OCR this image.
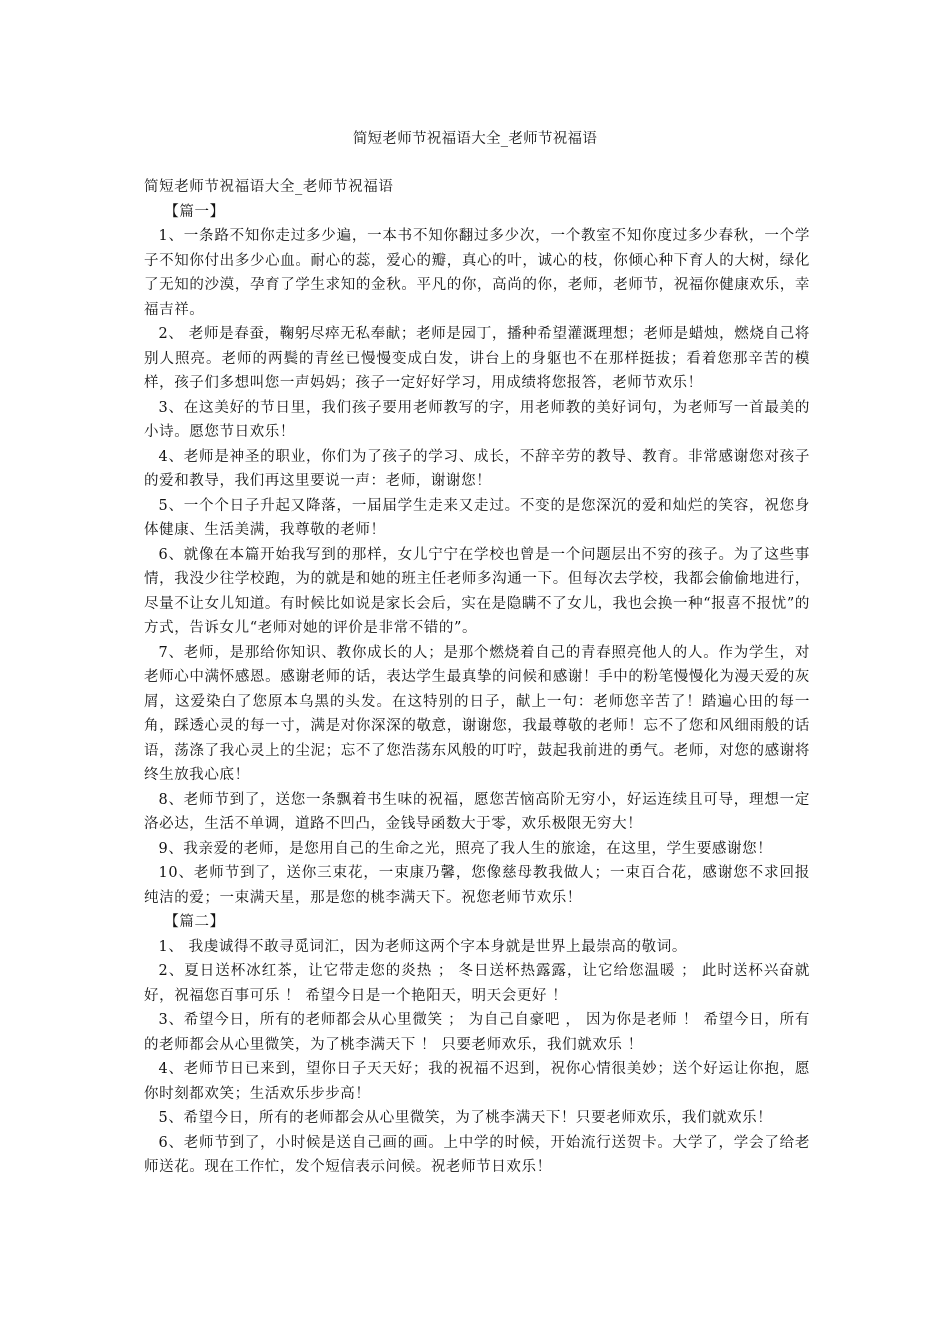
简短老师节祝福语大全_老师节祝福语

简短老师节祝福语大全_老师节祝福语

【篇一】

1、一条路不知你走过多少遍，一本书不知你翻过多少次，一个教室不知你度过多少春秋，一个学子不知你付出多少心血。耐心的蕊，爱心的瓣，真心的叶，诚心的枝，你倾心种下育人的大树，绿化了无知的沙漠，孕育了学生求知的金秋。平凡的你，高尚的你，老师，老师节，祝福你健康欢乐，幸福吉祥。

2、 老师是春蚕，鞠躬尽瘁无私奉献；老师是园丁，播种希望灌溉理想；老师是蜡烛，燃烧自己将别人照亮。老师的两鬓的青丝已慢慢变成白发，讲台上的身躯也不在那样挺拔；看着您那辛苦的模样，孩子们多想叫您一声妈妈；孩子一定好好学习，用成绩将您报答，老师节欢乐！

3、在这美好的节日里，我们孩子要用老师教写的字，用老师教的美好词句，为老师写一首最美的小诗。愿您节日欢乐！

4、老师是神圣的职业，你们为了孩子的学习、成长，不辞辛劳的教导、教育。非常感谢您对孩子的爱和教导，我们再这里要说一声：老师，谢谢您！

5、一个个日子升起又降落，一届届学生走来又走过。不变的是您深沉的爱和灿烂的笑容，祝您身体健康、生活美满，我尊敬的老师！

6、就像在本篇开始我写到的那样，女儿宁宁在学校也曾是一个问题层出不穷的孩子。为了这些事情，我没少往学校跑，为的就是和她的班主任老师多沟通一下。但每次去学校，我都会偷偷地进行，尽量不让女儿知道。有时候比如说是家长会后，实在是隐瞒不了女儿，我也会换一种“报喜不报忧”的方式，告诉女儿“老师对她的评价是非常不错的”。

7、老师，是那给你知识、教你成长的人；是那个燃烧着自己的青春照亮他人的人。作为学生，对老师心中满怀感恩。感谢老师的话，表达学生最真挚的问候和感谢！手中的粉笔慢慢化为漫天爱的灰屑，这爱染白了您原本乌黑的头发。在这特别的日子，献上一句：老师您辛苦了！踏遍心田的每一角，踩透心灵的每一寸，满是对你深深的敬意，谢谢您，我最尊敬的老师！忘不了您和风细雨般的话语，荡涤了我心灵上的尘泥；忘不了您浩荡东风般的叮咛，鼓起我前进的勇气。老师，对您的感谢将终生放我心底！

8、老师节到了，送您一条飘着书生味的祝福，愿您苦恼高阶无穷小，好运连续且可导，理想一定洛必达，生活不单调，道路不凹凸，金钱导函数大于零，欢乐极限无穷大！

9、我亲爱的老师，是您用自己的生命之光，照亮了我人生的旅途，在这里，学生要感谢您！

10、老师节到了，送你三束花，一束康乃馨，您像慈母教我做人；一束百合花，感谢您不求回报纯洁的爱；一束满天星，那是您的桃李满天下。祝您老师节欢乐！

【篇二】

1、 我虔诚得不敢寻觅词汇，因为老师这两个字本身就是世界上最崇高的敬词。

2、夏日送杯冰红茶，让它带走您的炎热 ； 冬日送杯热露露，让它给您温暖 ； 此时送杯兴奋就好，祝福您百事可乐 ！ 希望今日是一个艳阳天，明天会更好 ！

3、希望今日，所有的老师都会从心里微笑 ； 为自己自豪吧 ， 因为你是老师 ！ 希望今日，所有的老师都会从心里微笑，为了桃李满天下 ！ 只要老师欢乐，我们就欢乐 ！

4、老师节日已来到，望你日子天天好；我的祝福不迟到，祝你心情很美妙；送个好运让你抱，愿你时刻都欢笑；生活欢乐步步高！

5、希望今日，所有的老师都会从心里微笑，为了桃李满天下！只要老师欢乐，我们就欢乐！

6、老师节到了，小时候是送自己画的画。上中学的时候，开始流行送贺卡。大学了，学会了给老师送花。现在工作忙，发个短信表示问候。祝老师节日欢乐！
